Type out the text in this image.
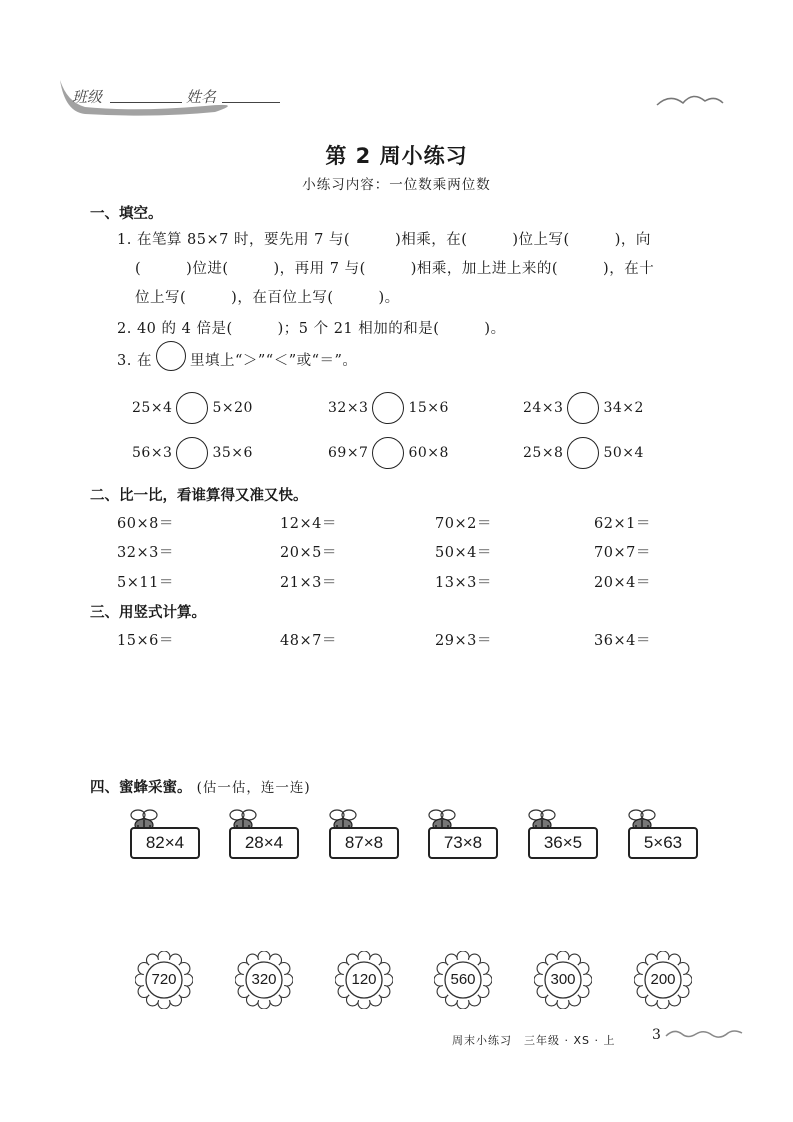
班级	姓名
第 2 周小练习
小练习内容：一位数乘两位数
一、填空。
1. 在笔算 85×7 时，要先用 7 与(　　　)相乘，在(　　　)位上写(　　　)，向
(　　　)位进(　　　)，再用 7 与(　　　)相乘，加上进上来的(　　　)，在十
位上写(　　　)，在百位上写(　　　)。
2. 40 的 4 倍是(　　　)；5 个 21 相加的和是(　　　)。
3. 在	里填上“＞”“＜”或“＝”。
25×4	5×20	32×3	15×6	24×3	34×2
56×3	35×6	69×7	60×8	25×8	50×4
二、比一比，看谁算得又准又快。
60×8＝	12×4＝	70×2＝	62×1＝
32×3＝	20×5＝	50×4＝	70×7＝
5×11＝	21×3＝	13×3＝	20×4＝
三、用竖式计算。
15×6＝	48×7＝	29×3＝	36×4＝
四、蜜蜂采蜜。 (估一估，连一连)
82×4	28×4	87×8	73×8	36×5	5×63
720	320	120	560	300	200
周末小练习　三年级 · XS · 上	3
